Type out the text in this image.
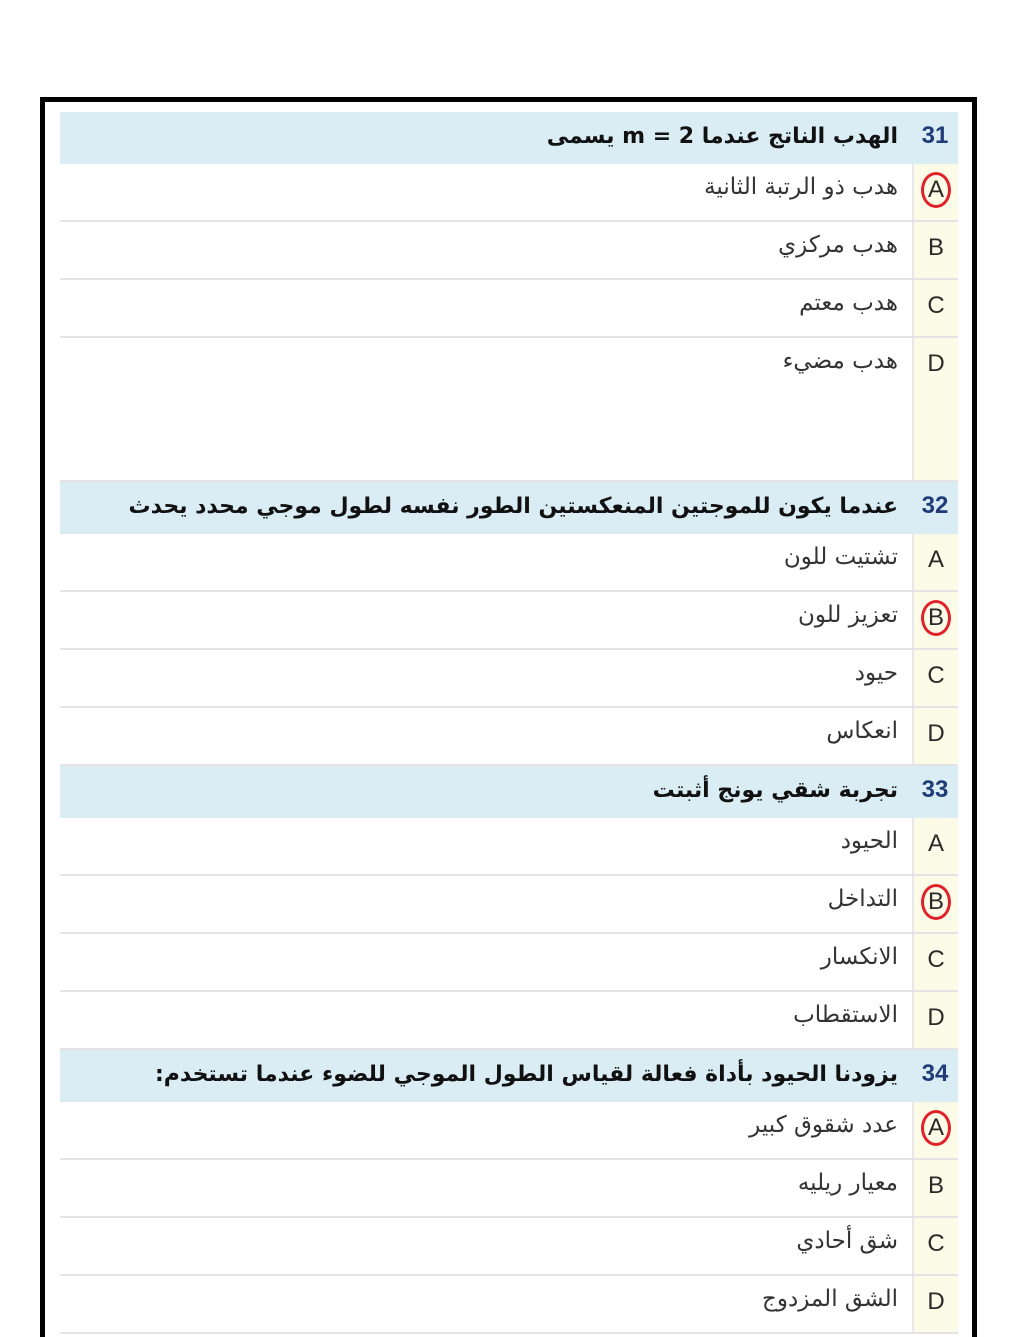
31
الهدب الناتج عندما m = 2 يسمى
A
هدب ذو الرتبة الثانية
B
هدب مركزي
C
هدب معتم
D
هدب مضيء
32
عندما يكون للموجتين المنعكستين الطور نفسه لطول موجي محدد يحدث
A
تشتيت للون
B
تعزيز للون
C
حيود
D
انعكاس
33
تجربة شقي يونج أثبتت
A
الحيود
B
التداخل
C
الانكسار
D
الاستقطاب
34
يزودنا الحيود بأداة فعالة لقياس الطول الموجي للضوء عندما تستخدم:
A
عدد شقوق كبير
B
معيار ريليه
C
شق أحادي
D
الشق المزدوج
